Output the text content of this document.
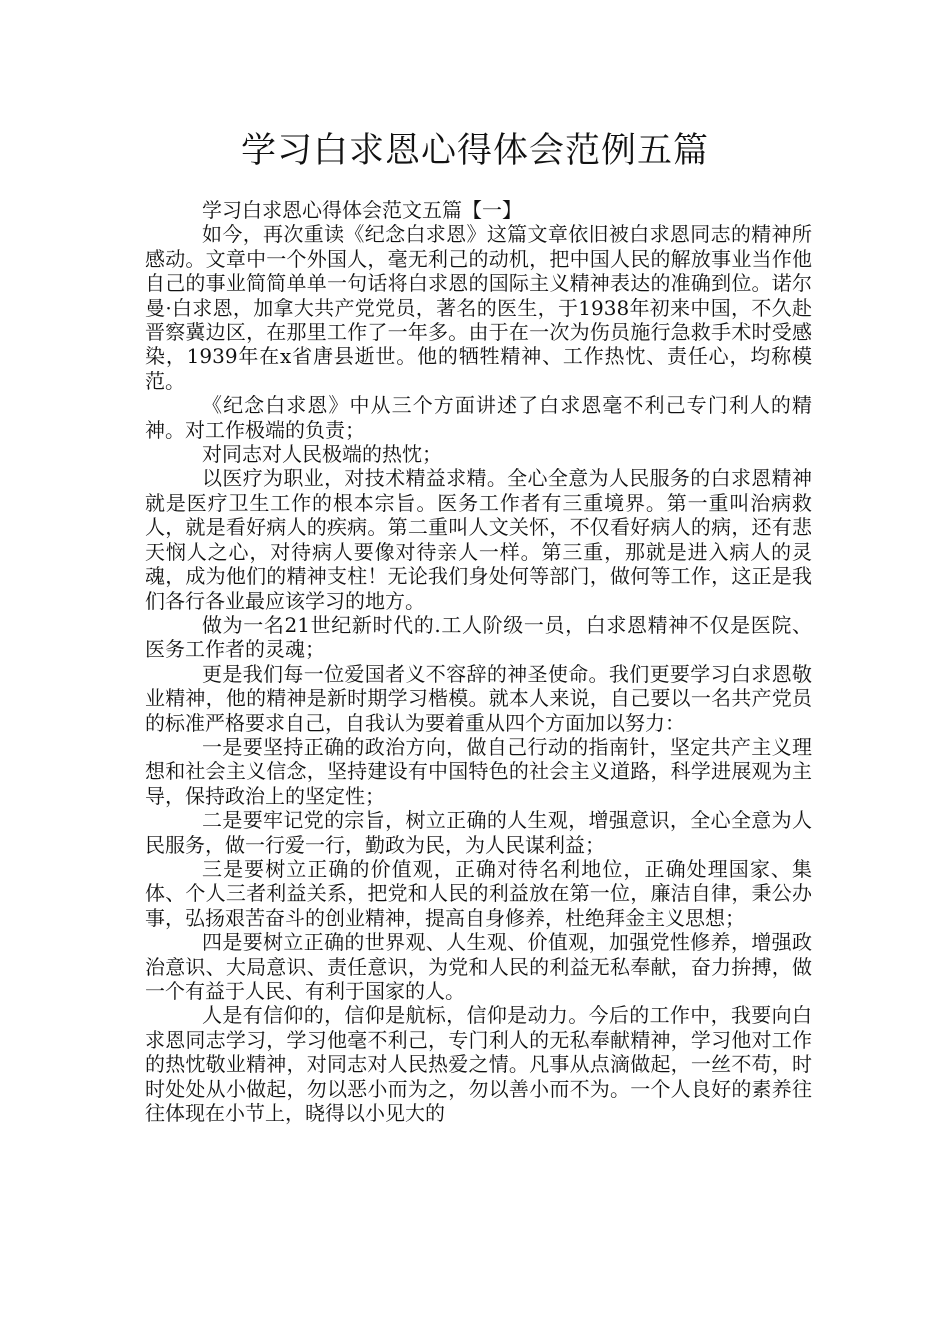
学习白求恩心得体会范例五篇

学习白求恩心得体会范文五篇【一】

如今，再次重读《纪念白求恩》这篇文章依旧被白求恩同志的精神所感动。文章中一个外国人，毫无利己的动机，把中国人民的解放事业当作他自己的事业简简单单一句话将白求恩的国际主义精神表达的准确到位。诺尔曼·白求恩，加拿大共产党党员，著名的医生，于1938年初来中国，不久赴晋察冀边区，在那里工作了一年多。由于在一次为伤员施行急救手术时受感染，1939年在x省唐县逝世。他的牺牲精神、工作热忱、责任心，均称模范。

《纪念白求恩》中从三个方面讲述了白求恩毫不利己专门利人的精神。对工作极端的负责；

对同志对人民极端的热忱；

以医疗为职业，对技术精益求精。全心全意为人民服务的白求恩精神就是医疗卫生工作的根本宗旨。医务工作者有三重境界。第一重叫治病救人，就是看好病人的疾病。第二重叫人文关怀，不仅看好病人的病，还有悲天悯人之心，对待病人要像对待亲人一样。第三重，那就是进入病人的灵魂，成为他们的精神支柱！无论我们身处何等部门，做何等工作，这正是我们各行各业最应该学习的地方。

做为一名21世纪新时代的.工人阶级一员，白求恩精神不仅是医院、医务工作者的灵魂；

更是我们每一位爱国者义不容辞的神圣使命。我们更要学习白求恩敬业精神，他的精神是新时期学习楷模。就本人来说，自己要以一名共产党员的标准严格要求自己，自我认为要着重从四个方面加以努力：

一是要坚持正确的政治方向，做自己行动的指南针，坚定共产主义理想和社会主义信念，坚持建设有中国特色的社会主义道路，科学进展观为主导，保持政治上的坚定性；

二是要牢记党的宗旨，树立正确的人生观，增强意识，全心全意为人民服务，做一行爱一行，勤政为民，为人民谋利益；

三是要树立正确的价值观，正确对待名利地位，正确处理国家、集体、个人三者利益关系，把党和人民的利益放在第一位，廉洁自律，秉公办事，弘扬艰苦奋斗的创业精神，提高自身修养，杜绝拜金主义思想；

四是要树立正确的世界观、人生观、价值观，加强党性修养，增强政治意识、大局意识、责任意识，为党和人民的利益无私奉献，奋力拚搏，做一个有益于人民、有利于国家的人。

人是有信仰的，信仰是航标，信仰是动力。今后的工作中，我要向白求恩同志学习，学习他毫不利己，专门利人的无私奉献精神，学习他对工作的热忱敬业精神，对同志对人民热爱之情。凡事从点滴做起，一丝不苟，时时处处从小做起，勿以恶小而为之，勿以善小而不为。一个人良好的素养往往体现在小节上，晓得以小见大的
